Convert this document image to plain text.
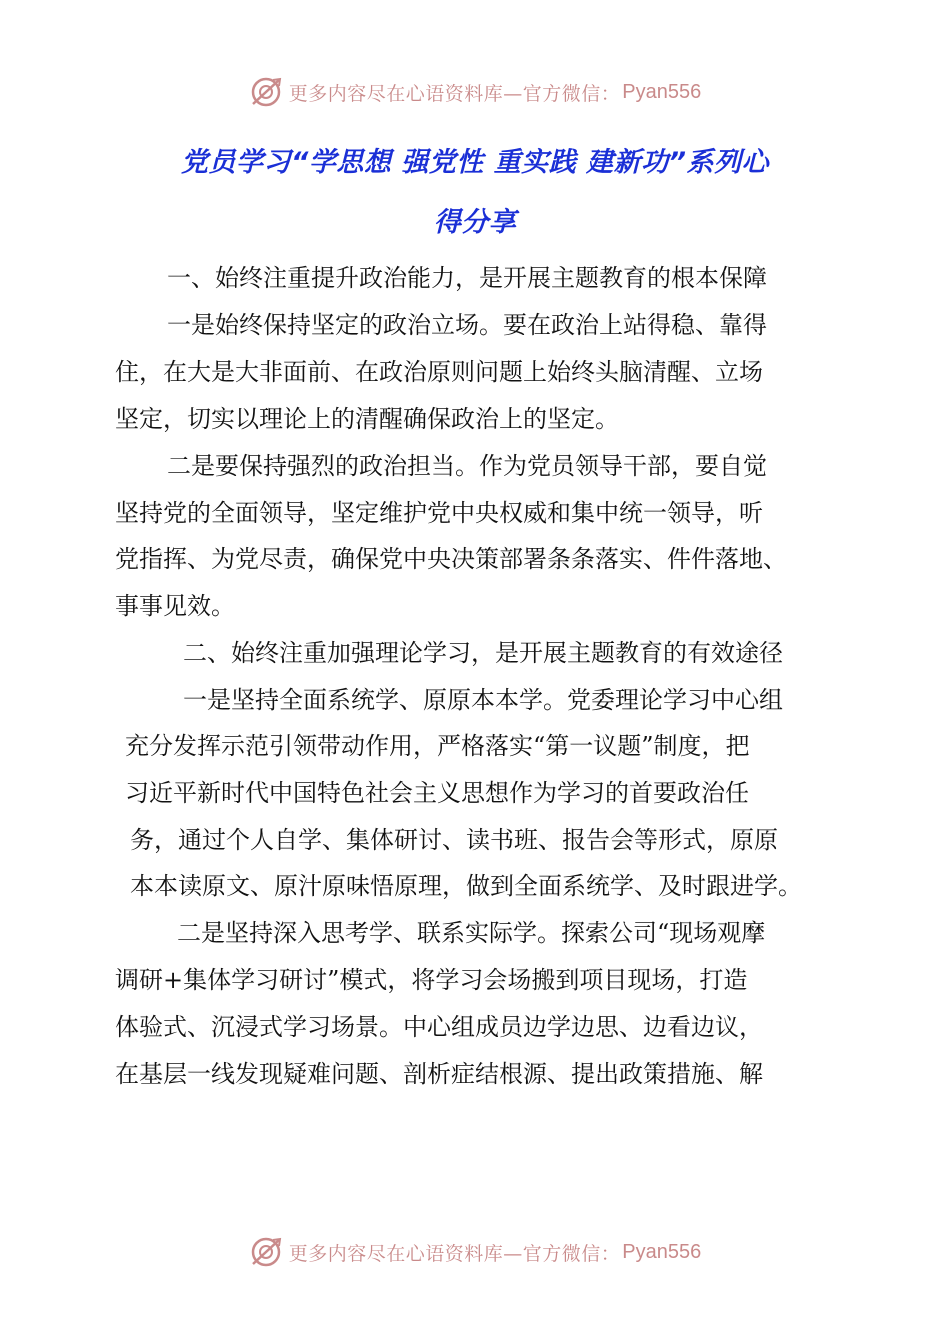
更多内容尽在心语资料库—官方微信： Pyan556
党员学习“学思想 强党性 重实践 建新功”系列心
得分享
一、始终注重提升政治能力，是开展主题教育的根本保障
一是始终保持坚定的政治立场。要在政治上站得稳、靠得
住，在大是大非面前、在政治原则问题上始终头脑清醒、立场
坚定，切实以理论上的清醒确保政治上的坚定。
二是要保持强烈的政治担当。作为党员领导干部，要自觉
坚持党的全面领导，坚定维护党中央权威和集中统一领导，听
党指挥、为党尽责，确保党中央决策部署条条落实、件件落地、
事事见效。
二、始终注重加强理论学习，是开展主题教育的有效途径
一是坚持全面系统学、原原本本学。党委理论学习中心组
充分发挥示范引领带动作用，严格落实“第一议题”制度，把
习近平新时代中国特色社会主义思想作为学习的首要政治任
务，通过个人自学、集体研讨、读书班、报告会等形式，原原
本本读原文、原汁原味悟原理，做到全面系统学、及时跟进学。
二是坚持深入思考学、联系实际学。探索公司“现场观摩
调研+集体学习研讨”模式，将学习会场搬到项目现场，打造
体验式、沉浸式学习场景。中心组成员边学边思、边看边议，
在基层一线发现疑难问题、剖析症结根源、提出政策措施、解
更多内容尽在心语资料库—官方微信： Pyan556
